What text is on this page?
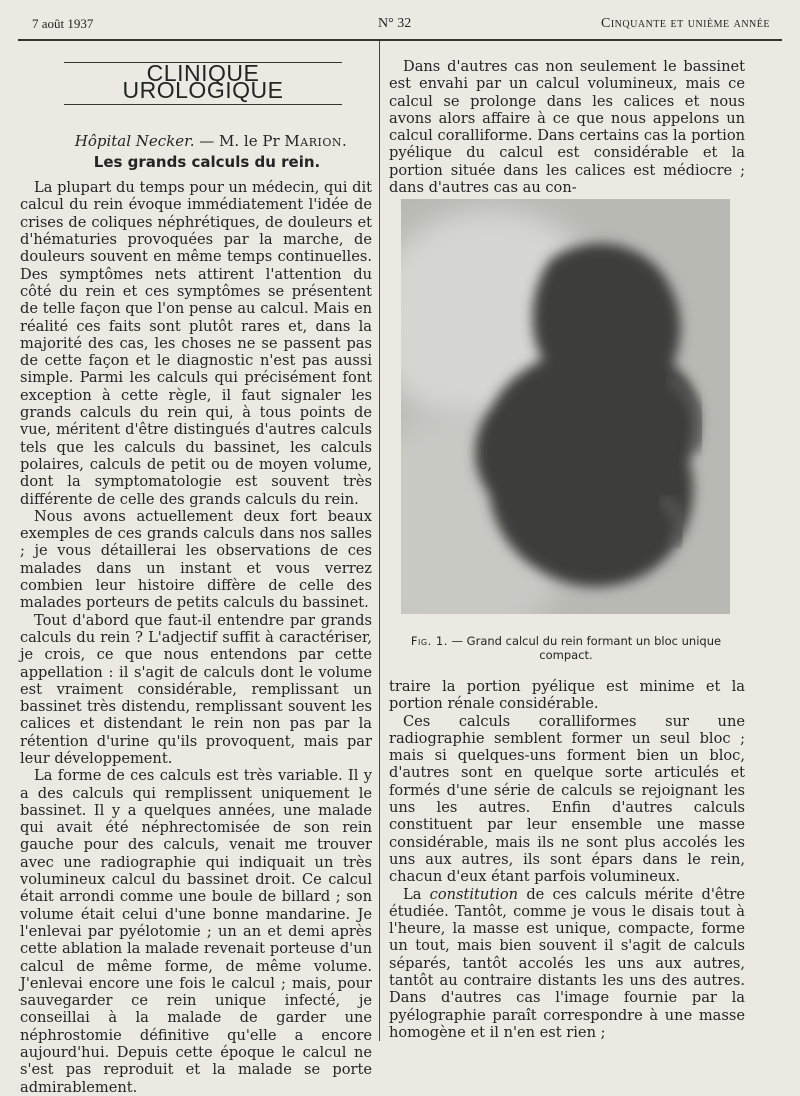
7 août 1937	N° 32	Cinquante et unième année
CLINIQUE UROLOGIQUE
Hôpital Necker. — M. le Pr Marion.
Les grands calculs du rein.

La plupart du temps pour un médecin, qui dit calcul du rein évoque immédiatement l'idée de crises de coliques néphrétiques, de douleurs et d'hématuries provoquées par la marche, de douleurs souvent en même temps continuelles. Des symptômes nets attirent l'attention du côté du rein et ces symptômes se présentent de telle façon que l'on pense au calcul. Mais en réalité ces faits sont plutôt rares et, dans la majorité des cas, les choses ne se passent pas de cette façon et le diagnostic n'est pas aussi simple. Parmi les calculs qui précisément font exception à cette règle, il faut signaler les grands calculs du rein qui, à tous points de vue, méritent d'être distingués d'autres calculs tels que les calculs du bassinet, les calculs polaires, calculs de petit ou de moyen volume, dont la symptomatologie est souvent très différente de celle des grands calculs du rein.

Nous avons actuellement deux fort beaux exemples de ces grands calculs dans nos salles ; je vous détaillerai les observations de ces malades dans un instant et vous verrez combien leur histoire diffère de celle des malades porteurs de petits calculs du bassinet.

Tout d'abord que faut-il entendre par grands calculs du rein ? L'adjectif suffit à caractériser, je crois, ce que nous entendons par cette appellation : il s'agit de calculs dont le volume est vraiment considérable, remplissant un bassinet très distendu, remplissant souvent les calices et distendant le rein non pas par la rétention d'urine qu'ils provoquent, mais par leur développement.

La forme de ces calculs est très variable. Il y a des calculs qui remplissent uniquement le bassinet. Il y a quelques années, une malade qui avait été néphrectomisée de son rein gauche pour des calculs, venait me trouver avec une radiographie qui indiquait un très volumineux calcul du bassinet droit. Ce calcul était arrondi comme une boule de billard ; son volume était celui d'une bonne mandarine. Je l'enlevai par pyélotomie ; un an et demi après cette ablation la malade revenait porteuse d'un calcul de même forme, de même volume. J'enlevai encore une fois le calcul ; mais, pour sauvegarder ce rein unique infecté, je conseillai à la malade de garder une néphrostomie définitive qu'elle a encore aujourd'hui. Depuis cette époque le calcul ne s'est pas reproduit et la malade se porte admirablement.

Dans d'autres cas non seulement le bassinet est envahi par un calcul volumineux, mais ce calcul se prolonge dans les calices et nous avons alors affaire à ce que nous appelons un calcul coralliforme. Dans certains cas la portion pyélique du calcul est considérable et la portion située dans les calices est médiocre ; dans d'autres cas au con-

Fig. 1. — Grand calcul du rein formant un bloc unique compact.

traire la portion pyélique est minime et la portion rénale considérable.

Ces calculs coralliformes sur une radiographie semblent former un seul bloc ; mais si quelques-uns forment bien un bloc, d'autres sont en quelque sorte articulés et formés d'une série de calculs se rejoignant les uns les autres. Enfin d'autres calculs constituent par leur ensemble une masse considérable, mais ils ne sont plus accolés les uns aux autres, ils sont épars dans le rein, chacun d'eux étant parfois volumineux.

La constitution de ces calculs mérite d'être étudiée. Tantôt, comme je vous le disais tout à l'heure, la masse est unique, compacte, forme un tout, mais bien souvent il s'agit de calculs séparés, tantôt accolés les uns aux autres, tantôt au contraire distants les uns des autres. Dans d'autres cas l'image fournie par la pyélographie paraît correspondre à une masse homogène et il n'en est rien ;
